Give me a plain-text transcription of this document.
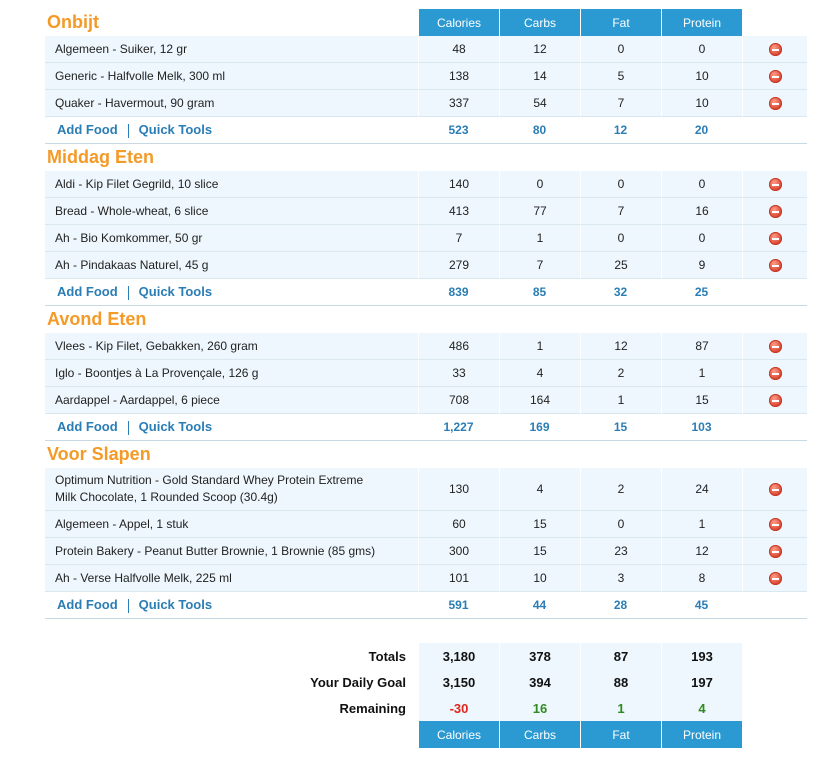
Onbijt	Calories	Carbs	Fat	Protein	
Algemeen - Suiker, 12 gr	48	12	0	0	
Generic - Halfvolle Melk, 300 ml	138	14	5	10	
Quaker - Havermout, 90 gram	337	54	7	10	
Add Food Quick Tools	523	80	12	20	
Middag Eten					
Aldi - Kip Filet Gegrild, 10 slice	140	0	0	0	
Bread - Whole-wheat, 6 slice	413	77	7	16	
Ah - Bio Komkommer, 50 gr	7	1	0	0	
Ah - Pindakaas Naturel, 45 g	279	7	25	9	
Add Food Quick Tools	839	85	32	25	
Avond Eten					
Vlees - Kip Filet, Gebakken, 260 gram	486	1	12	87	
Iglo - Boontjes à La Provençale, 126 g	33	4	2	1	
Aardappel - Aardappel, 6 piece	708	164	1	15	
Add Food Quick Tools	1,227	169	15	103	
Voor Slapen					
Optimum Nutrition - Gold Standard Whey Protein Extreme Milk Chocolate, 1 Rounded Scoop (30.4g)	130	4	2	24	
Algemeen - Appel, 1 stuk	60	15	0	1	
Protein Bakery - Peanut Butter Brownie, 1 Brownie (85 gms)	300	15	23	12	
Ah - Verse Halfvolle Melk, 225 ml	101	10	3	8	
Add Food Quick Tools	591	44	28	45	

Totals	3,180	378	87	193	
Your Daily Goal	3,150	394	88	197	
Remaining	-30	16	1	4	
	Calories	Carbs	Fat	Protein	
